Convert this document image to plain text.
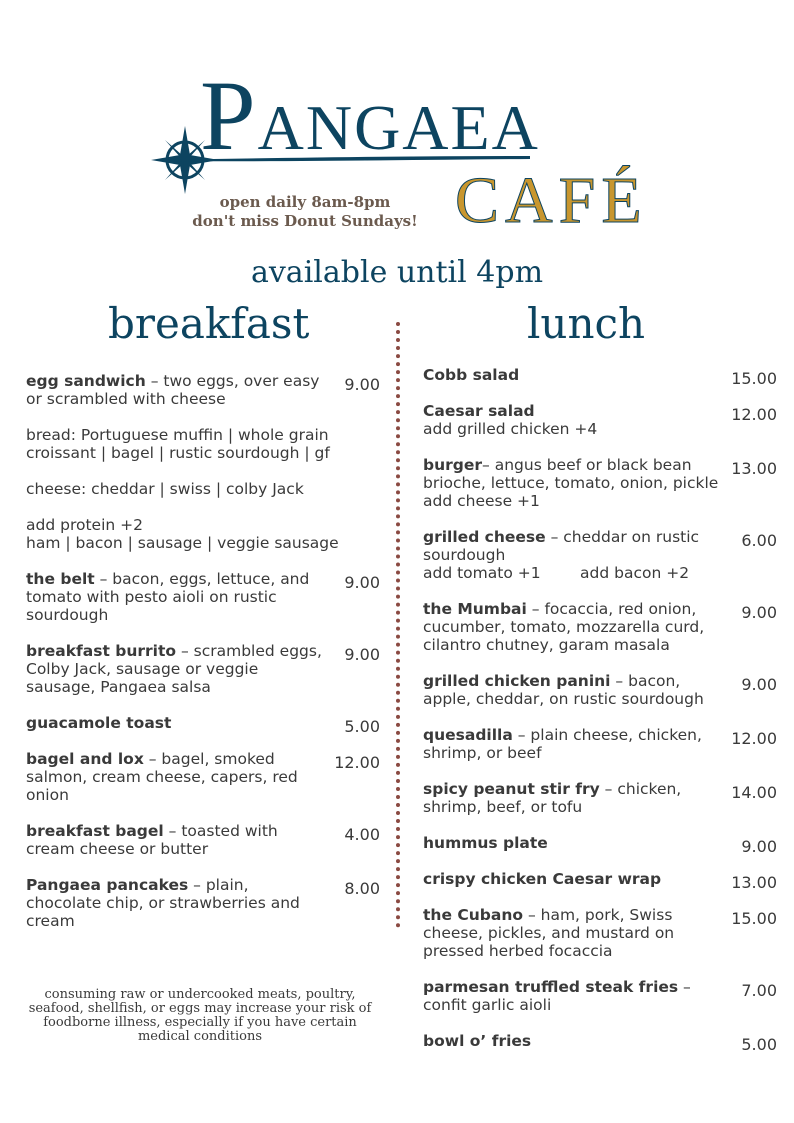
PANGAEA
CAFÉ
open daily 8am-8pm
don't miss Donut Sundays!
available until 4pm
breakfast	lunch
egg sandwich – two eggs, over easy or scrambled with cheese
9.00
bread: Portuguese muffin | whole grain croissant | bagel | rustic sourdough | gf
cheese: cheddar | swiss | colby Jack
add protein +2
ham | bacon | sausage | veggie sausage
the belt – bacon, eggs, lettuce, and tomato with pesto aioli on rustic sourdough
9.00
breakfast burrito – scrambled eggs, Colby Jack, sausage or veggie sausage, Pangaea salsa
9.00
guacamole toast	5.00
bagel and lox – bagel, smoked salmon, cream cheese, capers, red onion
12.00
breakfast bagel – toasted with cream cheese or butter
4.00
Pangaea pancakes – plain, chocolate chip, or strawberries and cream
8.00
consuming raw or undercooked meats, poultry, seafood, shellfish, or eggs may increase your risk of foodborne illness, especially if you have certain medical conditions
Cobb salad	15.00
Caesar salad
add grilled chicken +4
12.00
burger– angus beef or black bean brioche, lettuce, tomato, onion, pickle
add cheese +1
13.00
grilled cheese – cheddar on rustic sourdough
add tomato +1        add bacon +2
6.00
the Mumbai – focaccia, red onion, cucumber, tomato, mozzarella curd, cilantro chutney, garam masala
9.00
grilled chicken panini – bacon, apple, cheddar, on rustic sourdough
9.00
quesadilla – plain cheese, chicken, shrimp, or beef
12.00
spicy peanut stir fry – chicken, shrimp, beef, or tofu
14.00
hummus plate	9.00
crispy chicken Caesar wrap	13.00
the Cubano – ham, pork, Swiss cheese, pickles, and mustard on pressed herbed focaccia
15.00
parmesan truffled steak fries – confit garlic aioli
7.00
bowl o’ fries	5.00
